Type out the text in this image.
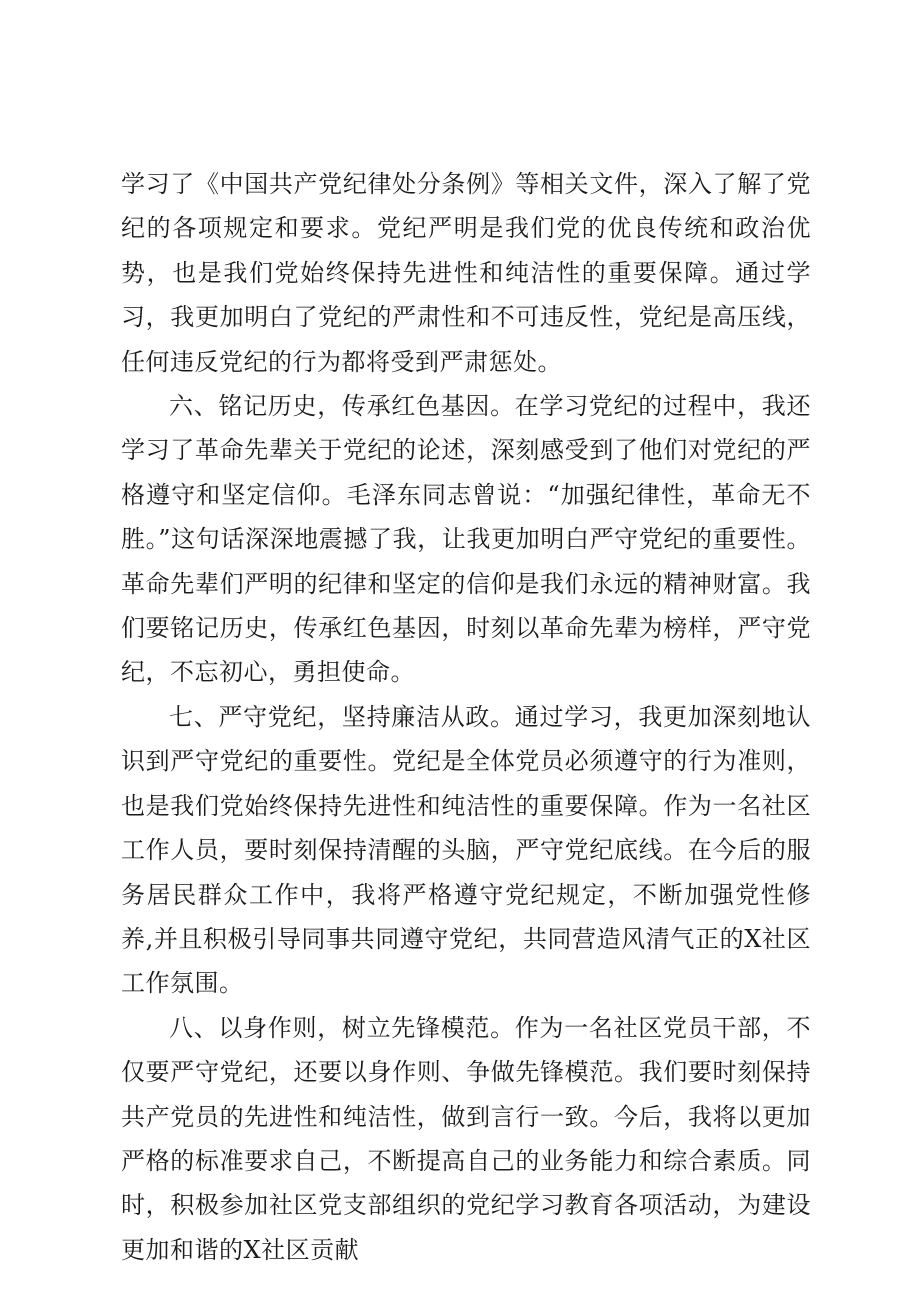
学习了《中国共产党纪律处分条例》等相关文件，深入了解了党纪的各项规定和要求。党纪严明是我们党的优良传统和政治优势，也是我们党始终保持先进性和纯洁性的重要保障。通过学习，我更加明白了党纪的严肃性和不可违反性，党纪是高压线，任何违反党纪的行为都将受到严肃惩处。

六、铭记历史，传承红色基因。在学习党纪的过程中，我还学习了革命先辈关于党纪的论述，深刻感受到了他们对党纪的严格遵守和坚定信仰。毛泽东同志曾说：“加强纪律性，革命无不胜。”这句话深深地震撼了我，让我更加明白严守党纪的重要性。革命先辈们严明的纪律和坚定的信仰是我们永远的精神财富。我们要铭记历史，传承红色基因，时刻以革命先辈为榜样，严守党纪，不忘初心，勇担使命。

七、严守党纪，坚持廉洁从政。通过学习，我更加深刻地认识到严守党纪的重要性。党纪是全体党员必须遵守的行为准则，也是我们党始终保持先进性和纯洁性的重要保障。作为一名社区工作人员，要时刻保持清醒的头脑，严守党纪底线。在今后的服务居民群众工作中，我将严格遵守党纪规定，不断加强党性修养,并且积极引导同事共同遵守党纪，共同营造风清气正的X社区工作氛围。

八、以身作则，树立先锋模范。作为一名社区党员干部，不仅要严守党纪，还要以身作则、争做先锋模范。我们要时刻保持共产党员的先进性和纯洁性，做到言行一致。今后，我将以更加严格的标准要求自己，不断提高自己的业务能力和综合素质。同时，积极参加社区党支部组织的党纪学习教育各项活动，为建设更加和谐的X社区贡献
